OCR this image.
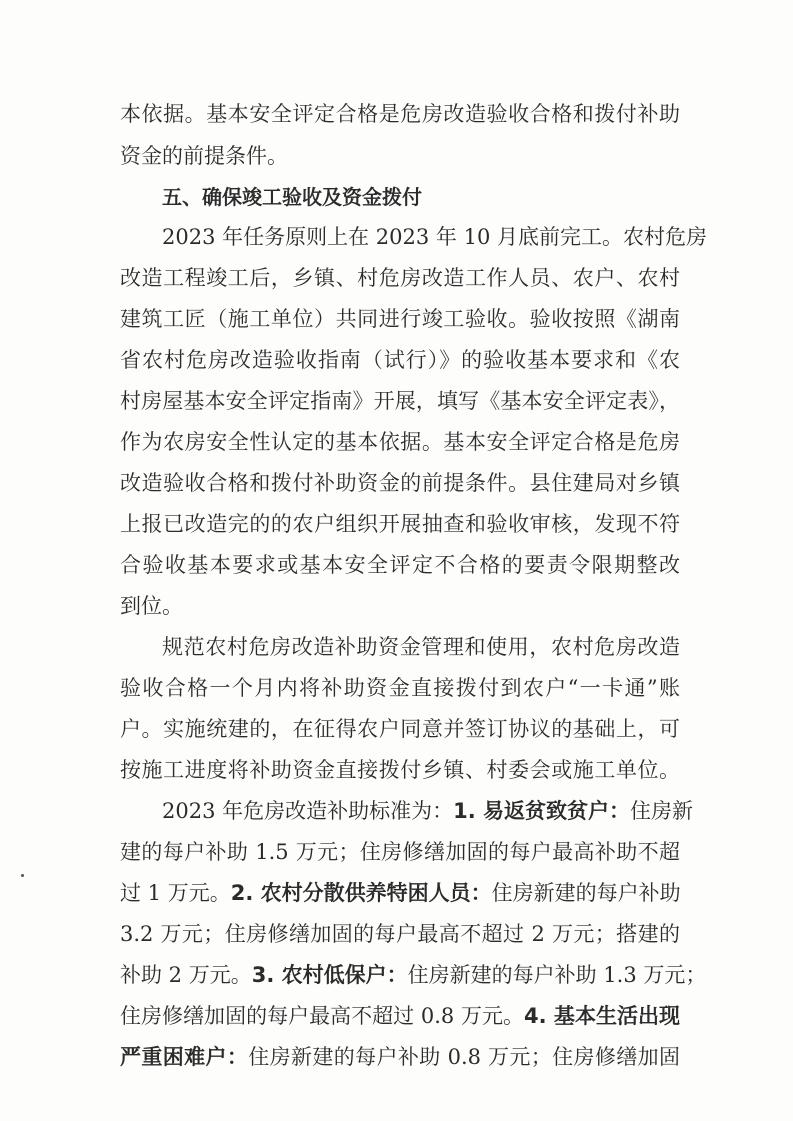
本依据。基本安全评定合格是危房改造验收合格和拨付补助
资金的前提条件。
五、确保竣工验收及资金拨付
2023 年任务原则上在 2023 年 10 月底前完工。农村危房
改造工程竣工后，乡镇、村危房改造工作人员、农户、农村
建筑工匠（施工单位）共同进行竣工验收。验收按照《湖南
省农村危房改造验收指南（试行）》的验收基本要求和《农
村房屋基本安全评定指南》开展，填写《基本安全评定表》，
作为农房安全性认定的基本依据。基本安全评定合格是危房
改造验收合格和拨付补助资金的前提条件。县住建局对乡镇
上报已改造完的的农户组织开展抽查和验收审核，发现不符
合验收基本要求或基本安全评定不合格的要责令限期整改
到位。
规范农村危房改造补助资金管理和使用，农村危房改造
验收合格一个月内将补助资金直接拨付到农户“一卡通”账
户。实施统建的，在征得农户同意并签订协议的基础上，可
按施工进度将补助资金直接拨付乡镇、村委会或施工单位。
2023 年危房改造补助标准为：1. 易返贫致贫户：住房新
建的每户补助 1.5 万元；住房修缮加固的每户最高补助不超
过 1 万元。2. 农村分散供养特困人员：住房新建的每户补助
3.2 万元；住房修缮加固的每户最高不超过 2 万元；搭建的
补助 2 万元。3. 农村低保户：住房新建的每户补助 1.3 万元；
住房修缮加固的每户最高不超过 0.8 万元。4. 基本生活出现
严重困难户：住房新建的每户补助 0.8 万元；住房修缮加固
